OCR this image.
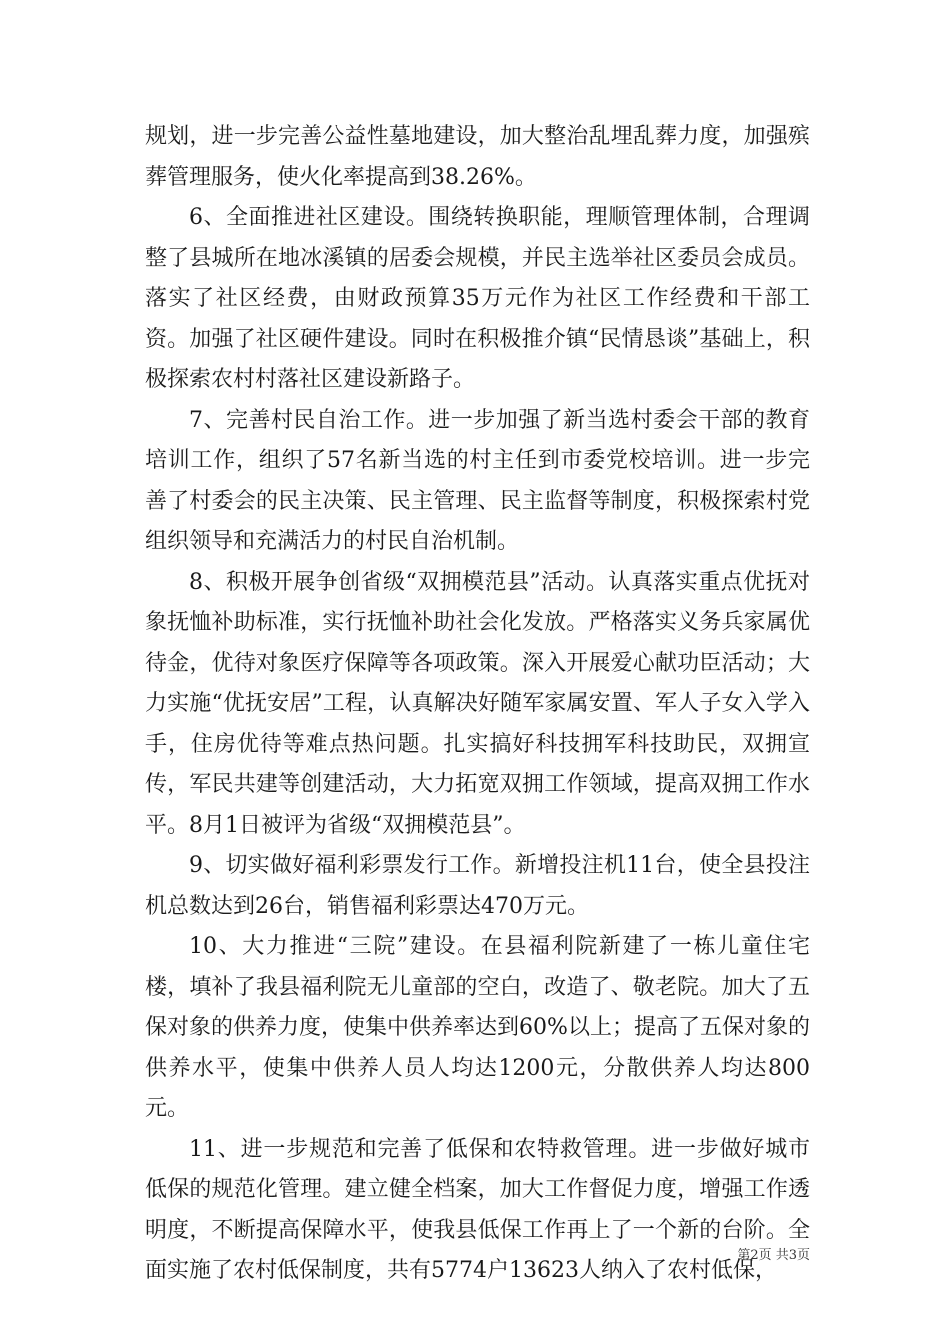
规划，进一步完善公益性墓地建设，加大整治乱埋乱葬力度，加强殡葬管理服务，使火化率提高到38.26%。

6、全面推进社区建设。围绕转换职能，理顺管理体制，合理调整了县城所在地冰溪镇的居委会规模，并民主选举社区委员会成员。落实了社区经费，由财政预算35万元作为社区工作经费和干部工资。加强了社区硬件建设。同时在积极推介镇“民情恳谈”基础上，积极探索农村村落社区建设新路子。

7、完善村民自治工作。进一步加强了新当选村委会干部的教育培训工作，组织了57名新当选的村主任到市委党校培训。进一步完善了村委会的民主决策、民主管理、民主监督等制度，积极探索村党组织领导和充满活力的村民自治机制。

8、积极开展争创省级“双拥模范县”活动。认真落实重点优抚对象抚恤补助标准，实行抚恤补助社会化发放。严格落实义务兵家属优待金，优待对象医疗保障等各项政策。深入开展爱心献功臣活动；大力实施“优抚安居”工程，认真解决好随军家属安置、军人子女入学入手，住房优待等难点热问题。扎实搞好科技拥军科技助民，双拥宣传，军民共建等创建活动，大力拓宽双拥工作领域，提高双拥工作水平。8月1日被评为省级“双拥模范县”。

9、切实做好福利彩票发行工作。新增投注机11台，使全县投注机总数达到26台，销售福利彩票达470万元。

10、大力推进“三院”建设。在县福利院新建了一栋儿童住宅楼，填补了我县福利院无儿童部的空白，改造了、敬老院。加大了五保对象的供养力度，使集中供养率达到60%以上；提高了五保对象的供养水平，使集中供养人员人均达1200元，分散供养人均达800元。

11、进一步规范和完善了低保和农特救管理。进一步做好城市低保的规范化管理。建立健全档案，加大工作督促力度，增强工作透明度，不断提高保障水平，使我县低保工作再上了一个新的台阶。全面实施了农村低保制度，共有5774户13623人纳入了农村低保，

第2页 共3页
